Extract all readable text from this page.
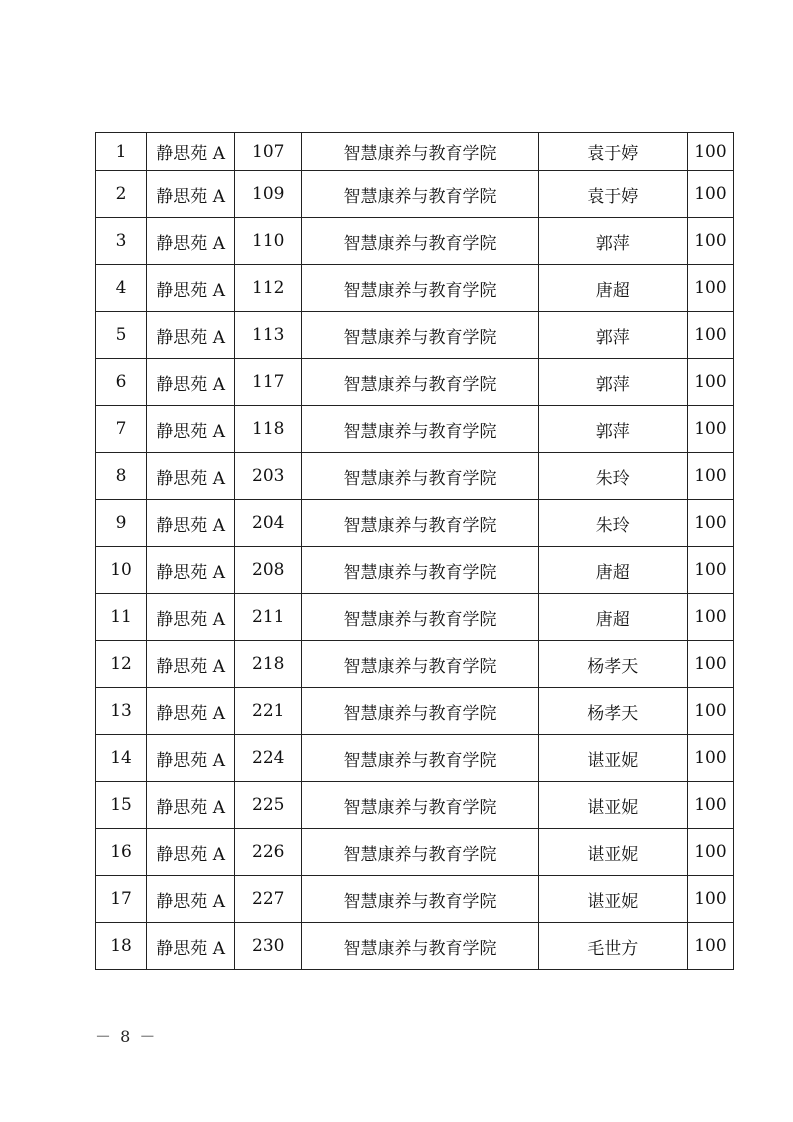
1	静思苑 A	107	智慧康养与教育学院	袁于婷	100
2	静思苑 A	109	智慧康养与教育学院	袁于婷	100
3	静思苑 A	110	智慧康养与教育学院	郭萍	100
4	静思苑 A	112	智慧康养与教育学院	唐超	100
5	静思苑 A	113	智慧康养与教育学院	郭萍	100
6	静思苑 A	117	智慧康养与教育学院	郭萍	100
7	静思苑 A	118	智慧康养与教育学院	郭萍	100
8	静思苑 A	203	智慧康养与教育学院	朱玲	100
9	静思苑 A	204	智慧康养与教育学院	朱玲	100
10	静思苑 A	208	智慧康养与教育学院	唐超	100
11	静思苑 A	211	智慧康养与教育学院	唐超	100
12	静思苑 A	218	智慧康养与教育学院	杨孝天	100
13	静思苑 A	221	智慧康养与教育学院	杨孝天	100
14	静思苑 A	224	智慧康养与教育学院	谌亚妮	100
15	静思苑 A	225	智慧康养与教育学院	谌亚妮	100
16	静思苑 A	226	智慧康养与教育学院	谌亚妮	100
17	静思苑 A	227	智慧康养与教育学院	谌亚妮	100
18	静思苑 A	230	智慧康养与教育学院	毛世方	100
－ 8 －
